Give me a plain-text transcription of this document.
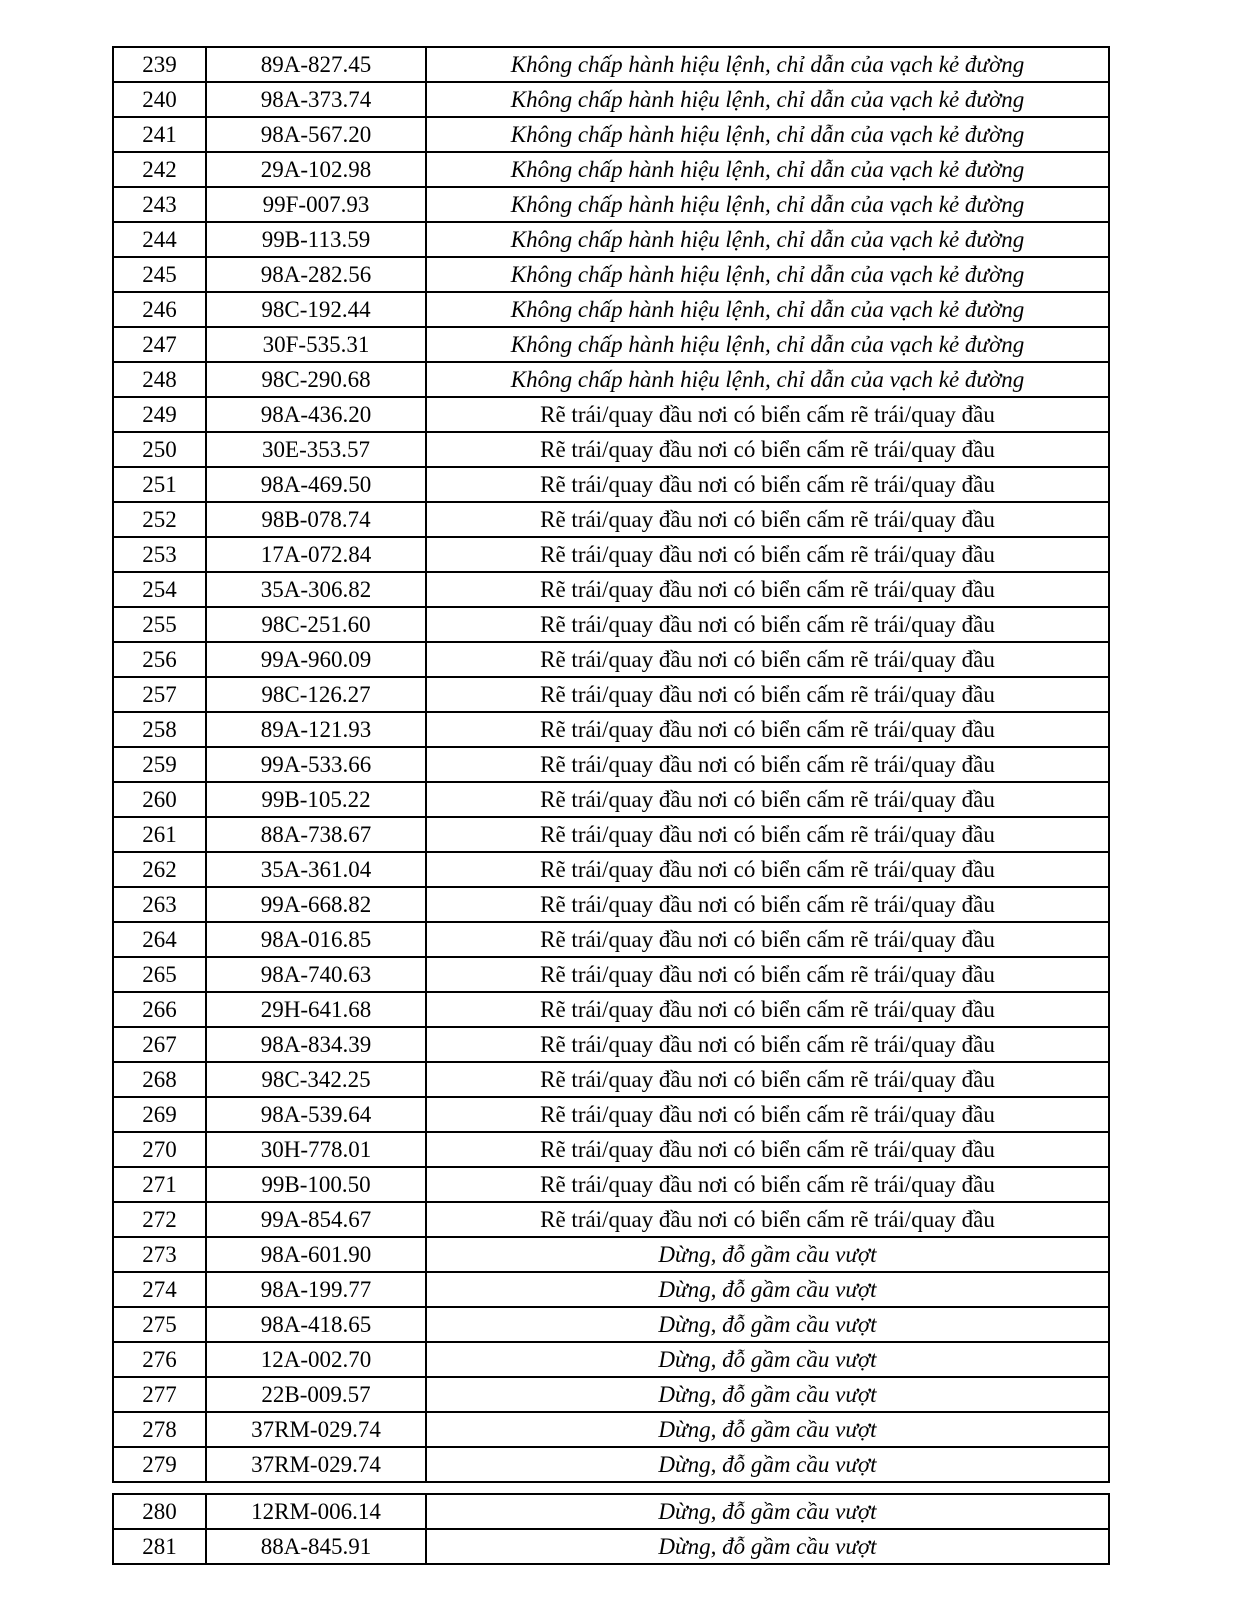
239	89A-827.45	Không chấp hành hiệu lệnh, chỉ dẫn của vạch kẻ đường
240	98A-373.74	Không chấp hành hiệu lệnh, chỉ dẫn của vạch kẻ đường
241	98A-567.20	Không chấp hành hiệu lệnh, chỉ dẫn của vạch kẻ đường
242	29A-102.98	Không chấp hành hiệu lệnh, chỉ dẫn của vạch kẻ đường
243	99F-007.93	Không chấp hành hiệu lệnh, chỉ dẫn của vạch kẻ đường
244	99B-113.59	Không chấp hành hiệu lệnh, chỉ dẫn của vạch kẻ đường
245	98A-282.56	Không chấp hành hiệu lệnh, chỉ dẫn của vạch kẻ đường
246	98C-192.44	Không chấp hành hiệu lệnh, chỉ dẫn của vạch kẻ đường
247	30F-535.31	Không chấp hành hiệu lệnh, chỉ dẫn của vạch kẻ đường
248	98C-290.68	Không chấp hành hiệu lệnh, chỉ dẫn của vạch kẻ đường
249	98A-436.20	Rẽ trái/quay đầu nơi có biển cấm rẽ trái/quay đầu
250	30E-353.57	Rẽ trái/quay đầu nơi có biển cấm rẽ trái/quay đầu
251	98A-469.50	Rẽ trái/quay đầu nơi có biển cấm rẽ trái/quay đầu
252	98B-078.74	Rẽ trái/quay đầu nơi có biển cấm rẽ trái/quay đầu
253	17A-072.84	Rẽ trái/quay đầu nơi có biển cấm rẽ trái/quay đầu
254	35A-306.82	Rẽ trái/quay đầu nơi có biển cấm rẽ trái/quay đầu
255	98C-251.60	Rẽ trái/quay đầu nơi có biển cấm rẽ trái/quay đầu
256	99A-960.09	Rẽ trái/quay đầu nơi có biển cấm rẽ trái/quay đầu
257	98C-126.27	Rẽ trái/quay đầu nơi có biển cấm rẽ trái/quay đầu
258	89A-121.93	Rẽ trái/quay đầu nơi có biển cấm rẽ trái/quay đầu
259	99A-533.66	Rẽ trái/quay đầu nơi có biển cấm rẽ trái/quay đầu
260	99B-105.22	Rẽ trái/quay đầu nơi có biển cấm rẽ trái/quay đầu
261	88A-738.67	Rẽ trái/quay đầu nơi có biển cấm rẽ trái/quay đầu
262	35A-361.04	Rẽ trái/quay đầu nơi có biển cấm rẽ trái/quay đầu
263	99A-668.82	Rẽ trái/quay đầu nơi có biển cấm rẽ trái/quay đầu
264	98A-016.85	Rẽ trái/quay đầu nơi có biển cấm rẽ trái/quay đầu
265	98A-740.63	Rẽ trái/quay đầu nơi có biển cấm rẽ trái/quay đầu
266	29H-641.68	Rẽ trái/quay đầu nơi có biển cấm rẽ trái/quay đầu
267	98A-834.39	Rẽ trái/quay đầu nơi có biển cấm rẽ trái/quay đầu
268	98C-342.25	Rẽ trái/quay đầu nơi có biển cấm rẽ trái/quay đầu
269	98A-539.64	Rẽ trái/quay đầu nơi có biển cấm rẽ trái/quay đầu
270	30H-778.01	Rẽ trái/quay đầu nơi có biển cấm rẽ trái/quay đầu
271	99B-100.50	Rẽ trái/quay đầu nơi có biển cấm rẽ trái/quay đầu
272	99A-854.67	Rẽ trái/quay đầu nơi có biển cấm rẽ trái/quay đầu
273	98A-601.90	Dừng, đỗ gầm cầu vượt
274	98A-199.77	Dừng, đỗ gầm cầu vượt
275	98A-418.65	Dừng, đỗ gầm cầu vượt
276	12A-002.70	Dừng, đỗ gầm cầu vượt
277	22B-009.57	Dừng, đỗ gầm cầu vượt
278	37RM-029.74	Dừng, đỗ gầm cầu vượt
279	37RM-029.74	Dừng, đỗ gầm cầu vượt
280	12RM-006.14	Dừng, đỗ gầm cầu vượt
281	88A-845.91	Dừng, đỗ gầm cầu vượt
